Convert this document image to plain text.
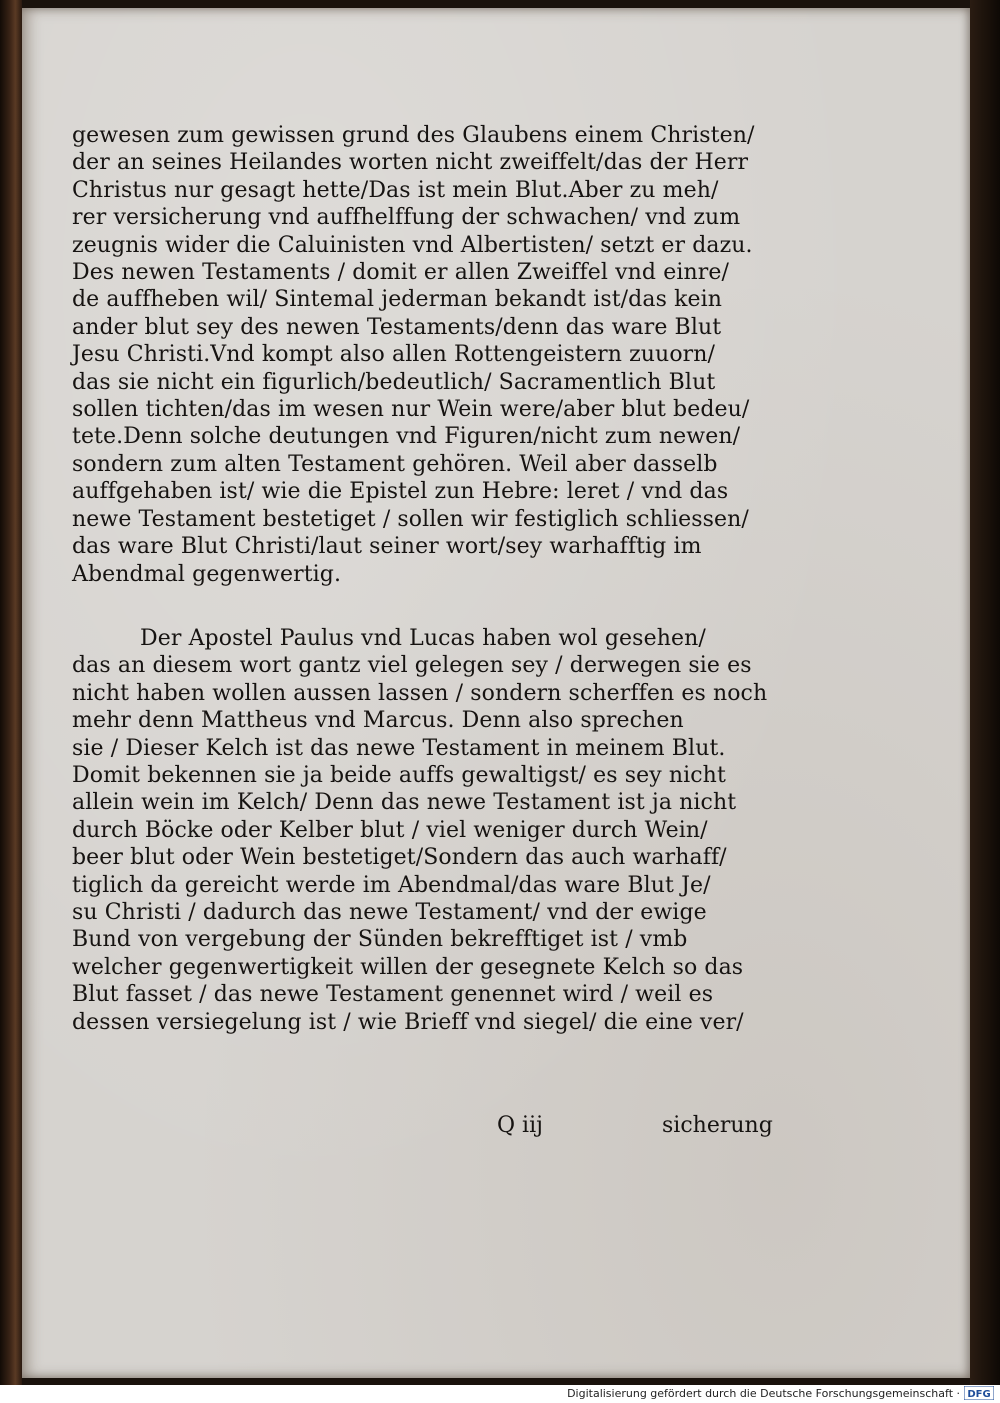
gewesen zum gewissen grund des Glaubens einem Christen/
der an seines Heilandes worten nicht zweiffelt/das der Herr
Christus nur gesagt hette/Das ist mein Blut.Aber zu meh/
rer versicherung vnd auffhelffung der schwachen/ vnd zum
zeugnis wider die Caluinisten vnd Albertisten/ setzt er dazu.
Des newen Testaments / domit er allen Zweiffel vnd einre/
de auffheben wil/ Sintemal jederman bekandt ist/das kein
ander blut sey des newen Testaments/denn das ware Blut
Jesu Christi.Vnd kompt also allen Rottengeistern zuuorn/
das sie nicht ein figurlich/bedeutlich/ Sacramentlich Blut
sollen tichten/das im wesen nur Wein were/aber blut bedeu/
tete.Denn solche deutungen vnd Figuren/nicht zum newen/
sondern zum alten Testament gehören. Weil aber dasselb
auffgehaben ist/ wie die Epistel zun Hebre: leret / vnd das
newe Testament bestetiget / sollen wir festiglich schliessen/
das ware Blut Christi/laut seiner wort/sey warhafftig im
Abendmal gegenwertig.
Der Apostel Paulus vnd Lucas haben wol gesehen/
das an diesem wort gantz viel gelegen sey / derwegen sie es
nicht haben wollen aussen lassen / sondern scherffen es noch
mehr denn Mattheus vnd Marcus. Denn also sprechen
sie / Dieser Kelch ist das newe Testament in meinem Blut.
Domit bekennen sie ja beide auffs gewaltigst/ es sey nicht
allein wein im Kelch/ Denn das newe Testament ist ja nicht
durch Böcke oder Kelber blut / viel weniger durch Wein/
beer blut oder Wein bestetiget/Sondern das auch warhaff/
tiglich da gereicht werde im Abendmal/das ware Blut Je/
su Christi / dadurch das newe Testament/ vnd der ewige
Bund von vergebung der Sünden bekrefftiget ist / vmb
welcher gegenwertigkeit willen der gesegnete Kelch so das
Blut fasset / das newe Testament genennet wird / weil es
dessen versiegelung ist / wie Brieff vnd siegel/ die eine ver/
Q iij	sicherung
Digitalisierung gefördert durch die Deutsche Forschungsgemeinschaft · DFG
